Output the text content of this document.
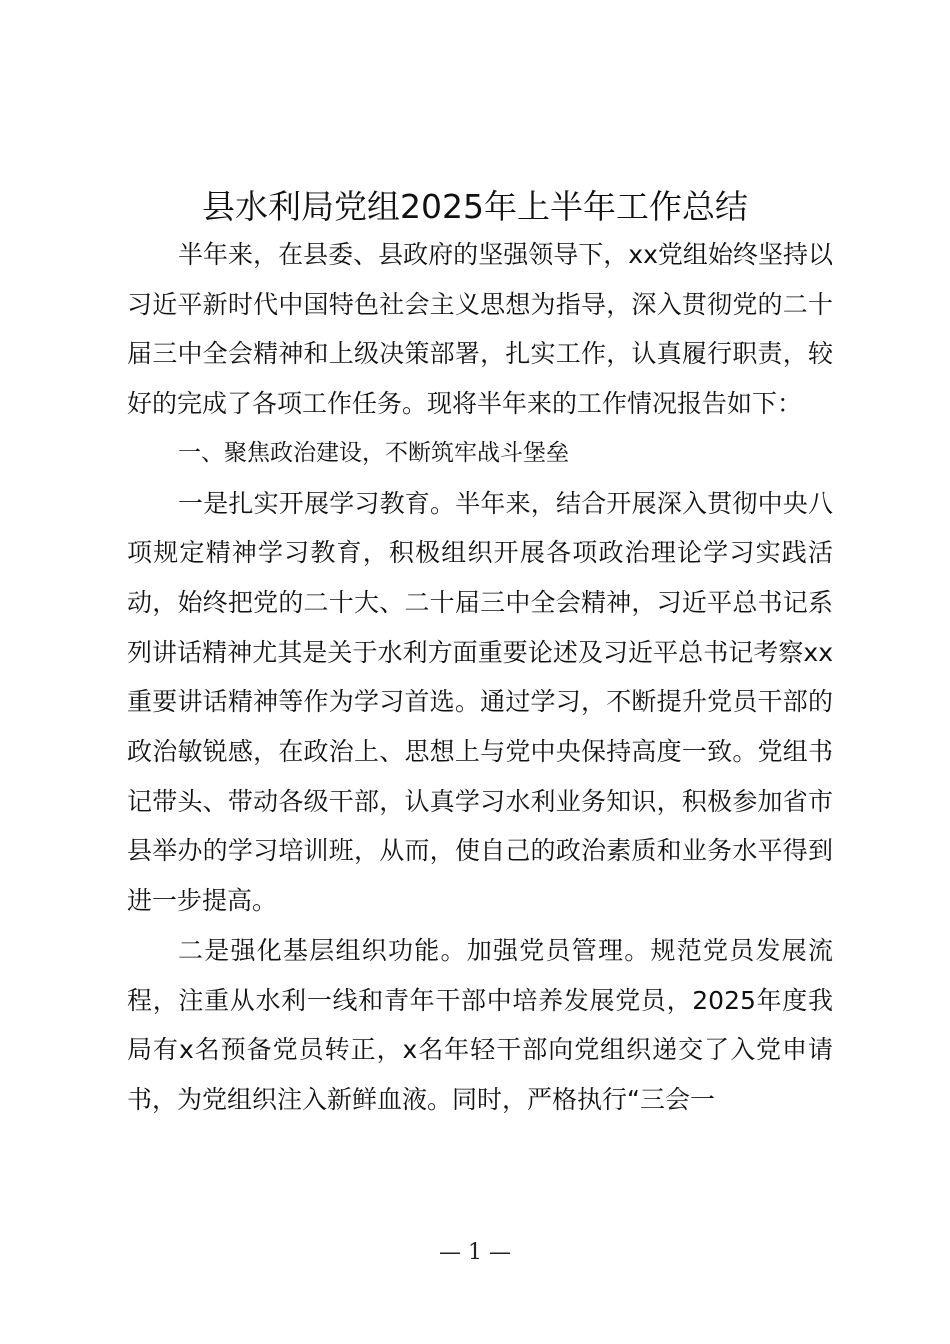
县水利局党组2025年上半年工作总结

半年来，在县委、县政府的坚强领导下，xx党组始终坚持以习近平新时代中国特色社会主义思想为指导，深入贯彻党的二十届三中全会精神和上级决策部署，扎实工作，认真履行职责，较好的完成了各项工作任务。现将半年来的工作情况报告如下：

一、聚焦政治建设，不断筑牢战斗堡垒

一是扎实开展学习教育。半年来，结合开展深入贯彻中央八项规定精神学习教育，积极组织开展各项政治理论学习实践活动，始终把党的二十大、二十届三中全会精神，习近平总书记系列讲话精神尤其是关于水利方面重要论述及习近平总书记考察xx重要讲话精神等作为学习首选。通过学习，不断提升党员干部的政治敏锐感，在政治上、思想上与党中央保持高度一致。党组书记带头、带动各级干部，认真学习水利业务知识，积极参加省市县举办的学习培训班，从而，使自己的政治素质和业务水平得到进一步提高。

二是强化基层组织功能。加强党员管理。规范党员发展流程，注重从水利一线和青年干部中培养发展党员，2025年度我局有x名预备党员转正，x名年轻干部向党组织递交了入党申请书，为党组织注入新鲜血液。同时，严格执行“三会一

— 1 —
